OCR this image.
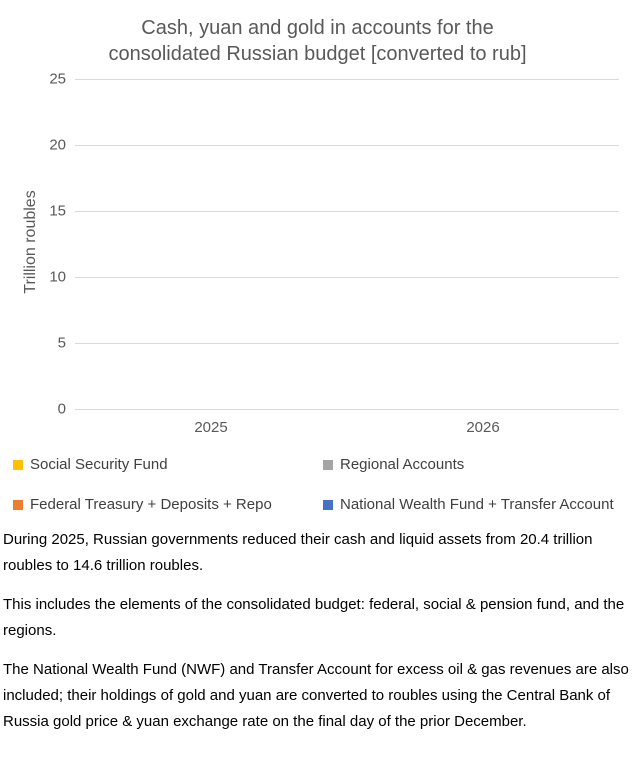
Cash, yuan and gold in accounts for the
consolidated Russian budget [converted to rub]
Trillion roubles
0
5
10
15
20
25
2025	2026
Social Security Fund	Regional Accounts
Federal Treasury + Deposits + Repo	National Wealth Fund + Transfer Account

During 2025, Russian governments reduced their cash and liquid assets from 20.4 trillion roubles to 14.6 trillion roubles.

This includes the elements of the consolidated budget: federal, social & pension fund, and the regions.

The National Wealth Fund (NWF) and Transfer Account for excess oil & gas revenues are also included; their holdings of gold and yuan are converted to roubles using the Central Bank of Russia gold price & yuan exchange rate on the final day of the prior December.
